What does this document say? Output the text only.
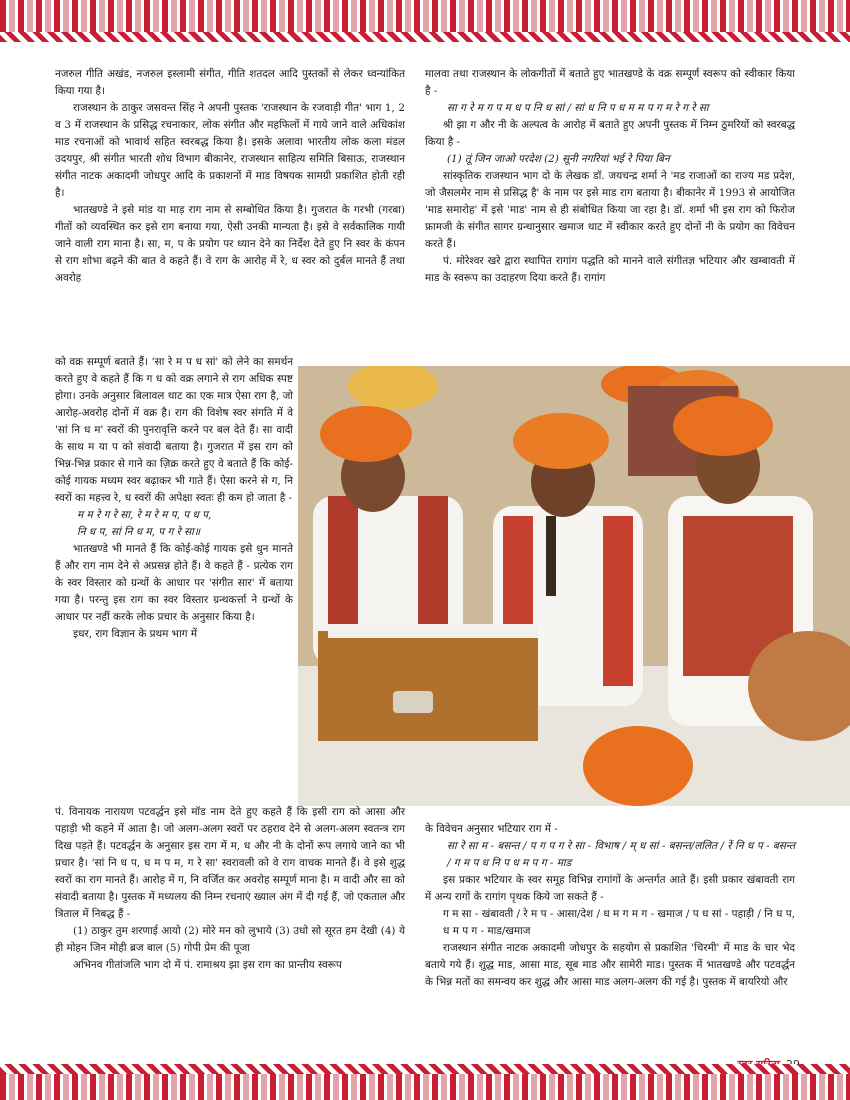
नजरुल गीति अखंड, नजरुल इस्लामी संगीत, गीति शतदल आदि पुस्तकों से लेकर ध्वन्यांकित किया गया है।

राजस्थान के ठाकुर जसवन्त सिंह ने अपनी पुस्तक 'राजस्थान के रजवाड़ी गीत' भाग 1, 2 व 3 में राजस्थान के प्रसिद्ध रचनाकार, लोक संगीत और महफिलों में गाये जाने वाले अधिकांश माड रचनाओं को भावार्थ सहित स्वरबद्ध किया है। इसके अलावा भारतीय लोक कला मंडल उदयपुर, श्री संगीत भारती शोध विभाग बीकानेर, राजस्थान साहित्य समिति बिसाऊ, राजस्थान संगीत नाटक अकादमी जोधपुर आदि के प्रकाशनों में माड विषयक सामग्री प्रकाशित होती रही है।

भातखण्डे ने इसे मांड या माड़ राग नाम से सम्बोधित किया है। गुजरात के गरभी (गरबा) गीतों को व्यवस्थित कर इसे राग बनाया गया, ऐसी उनकी मान्यता है। इसे वे सर्वकालिक गायी जाने वाली राग माना है। सा, म, प के प्रयोग पर ध्यान देने का निर्देश देते हुए नि स्वर के कंपन से राग शोभा बढ़ने की बात वे कहते हैं। वे राग के आरोह में रे, ध स्वर को दुर्बल मानते हैं तथा अवरोह

को वक्र सम्पूर्ण बताते हैं। 'सा रे म प ध सां' को लेने का समर्थन करते हुए वे कहते हैं कि ग ध को वक्र लगाने से राग अधिक स्पष्ट होगा। उनके अनुसार बिलावल थाट का एक मात्र ऐसा राग है, जो आरोह-अवरोह दोनों में वक्र है। राग की विशेष स्वर संगति में वे 'सां नि ध म' स्वरों की पुनरावृत्ति करने पर बल देते हैं। सा वादी के साथ म या प को संवादी बताया है। गुजरात में इस राग को भिन्न-भिन्न प्रकार से गाने का ज़िक्र करते हुए वे बताते हैं कि कोई-कोई गायक मध्यम स्वर बढ़ाकर भी गाते हैं। ऐसा करने से ग, नि स्वरों का महत्त्व रे, ध स्वरों की अपेक्षा स्वतः ही कम हो जाता है -

म म रे ग रे सा, रे म रे म प, प ध प,

नि ध प, सां नि ध म, प ग रे सा॥

भातखण्डे भी मानते हैं कि कोई-कोई गायक इसे धुन मानते हैं और राग नाम देने से अप्रसन्न होते हैं। वे कहते हैं - प्रत्येक राग के स्वर विस्तार को ग्रन्थों के आधार पर 'संगीत सार' में बताया गया है। परन्तु इस राग का स्वर विस्तार ग्रन्थकर्त्ता ने ग्रन्थों के आधार पर नहीं करके लोक प्रचार के अनुसार किया है।

इधर, राग विज्ञान के प्रथम भाग में

पं. विनायक नारायण पटवर्द्धन इसे मॉड नाम देते हुए कहते हैं कि इसी राग को आसा और पहाड़ी भी कहने में आता है। जो अलग-अलग स्वरों पर ठहराव देने से अलग-अलग स्वतन्त्र राग दिख पड़ते हैं। पटवर्द्धन के अनुसार इस राग में म, ध और नी के दोनों रूप लगाये जाने का भी प्रचार है। 'सां नि ध प, ध म प म, ग रे सा' स्वरावली को वे राग वाचक मानते हैं। वे इसे शुद्ध स्वरों का राग मानते हैं। आरोह में ग, नि वर्जित कर अवरोह सम्पूर्ण माना है। म वादी और सा को संवादी बताया है। पुस्तक में मध्यलय की निम्न रचनाएं ख्याल अंग में दी गई हैं, जो एकताल और त्रिताल में निबद्ध हैं -

(1) ठाकुर तुम शरणाई आयो (2) मोरे मन को लुभाये (3) उधो सो सूरत हम देखी (4) ये ही मोहन जिन मोही ब्रज बाल (5) गोपी प्रेम की पूजा

अभिनव गीतांजलि भाग दो में पं. रामाश्रय झा इस राग का प्रान्तीय स्वरूप

मालवा तथा राजस्थान के लोकगीतों में बताते हुए भातखण्डे के वक्र सम्पूर्ण स्वरूप को स्वीकार किया है -

सा ग रे म ग प म ध प नि ध सां / सां ध नि प ध म म प ग म रे ग रे सा

श्री झा ग और नी के अल्पत्व के आरोह में बताते हुए अपनी पुस्तक में निम्न ठुमरियों को स्वरबद्ध किया है -

(1) तूं जिन जाओ परदेश (2) सूनी नगरियां भई रे पिया बिन

सांस्कृतिक राजस्थान भाग दो के लेखक डॉ. जयचन्द्र शर्मा ने 'मड राजाओं का राज्य मड प्रदेश, जो जैसलमेर नाम से प्रसिद्ध है' के नाम पर इसे माड राग बताया है। बीकानेर में 1993 से आयोजित 'माड समारोह' में इसे 'माड' नाम से ही संबोधित किया जा रहा है। डॉ. शर्मा भी इस राग को फिरोज फ्रामजी के संगीत सागर ग्रन्थानुसार खमाज थाट में स्वीकार करते हुए दोनों नी के प्रयोग का विवेचन करते हैं।

पं. मोरेश्वर खरे द्वारा स्थापित रागांग पद्धति को मानने वाले संगीतज्ञ भटियार और खम्बावती में माड के स्वरूप का उदाहरण दिया करते हैं। रागांग

के विवेचन अनुसार भटियार राग में -

सा रे सा म - बसन्त / प ग प ग रे सा - विभाष / म् ध सां - बसन्त/ललित / रें नि ध प - बसन्त / ग म प ध नि प ध म प ग - माड

इस प्रकार भटियार के स्वर समूह विभिन्न रागांगों के अन्तर्गत आते हैं। इसी प्रकार खंबावती राग में अन्य रागों के रागांग पृथक किये जा सकते हैं -

ग म सा - खंबावती / रे म प - आसा/देश / ध म ग म ग - खमाज / प ध सां - पहाड़ी / नि ध प, ध म प ग - माड/खमाज

राजस्थान संगीत नाटक अकादमी जोधपुर के सहयोग से प्रकाशित 'चिरमी' में माड के चार भेद बताये गये हैं। शुद्ध माड, आसा माड, सूब माड और सामेरी माड। पुस्तक में भातखण्डे और पटवर्द्धन के भिन्न मतों का समन्वय कर शुद्ध और आसा माड अलग-अलग की गई है। पुस्तक में बायरियो और
